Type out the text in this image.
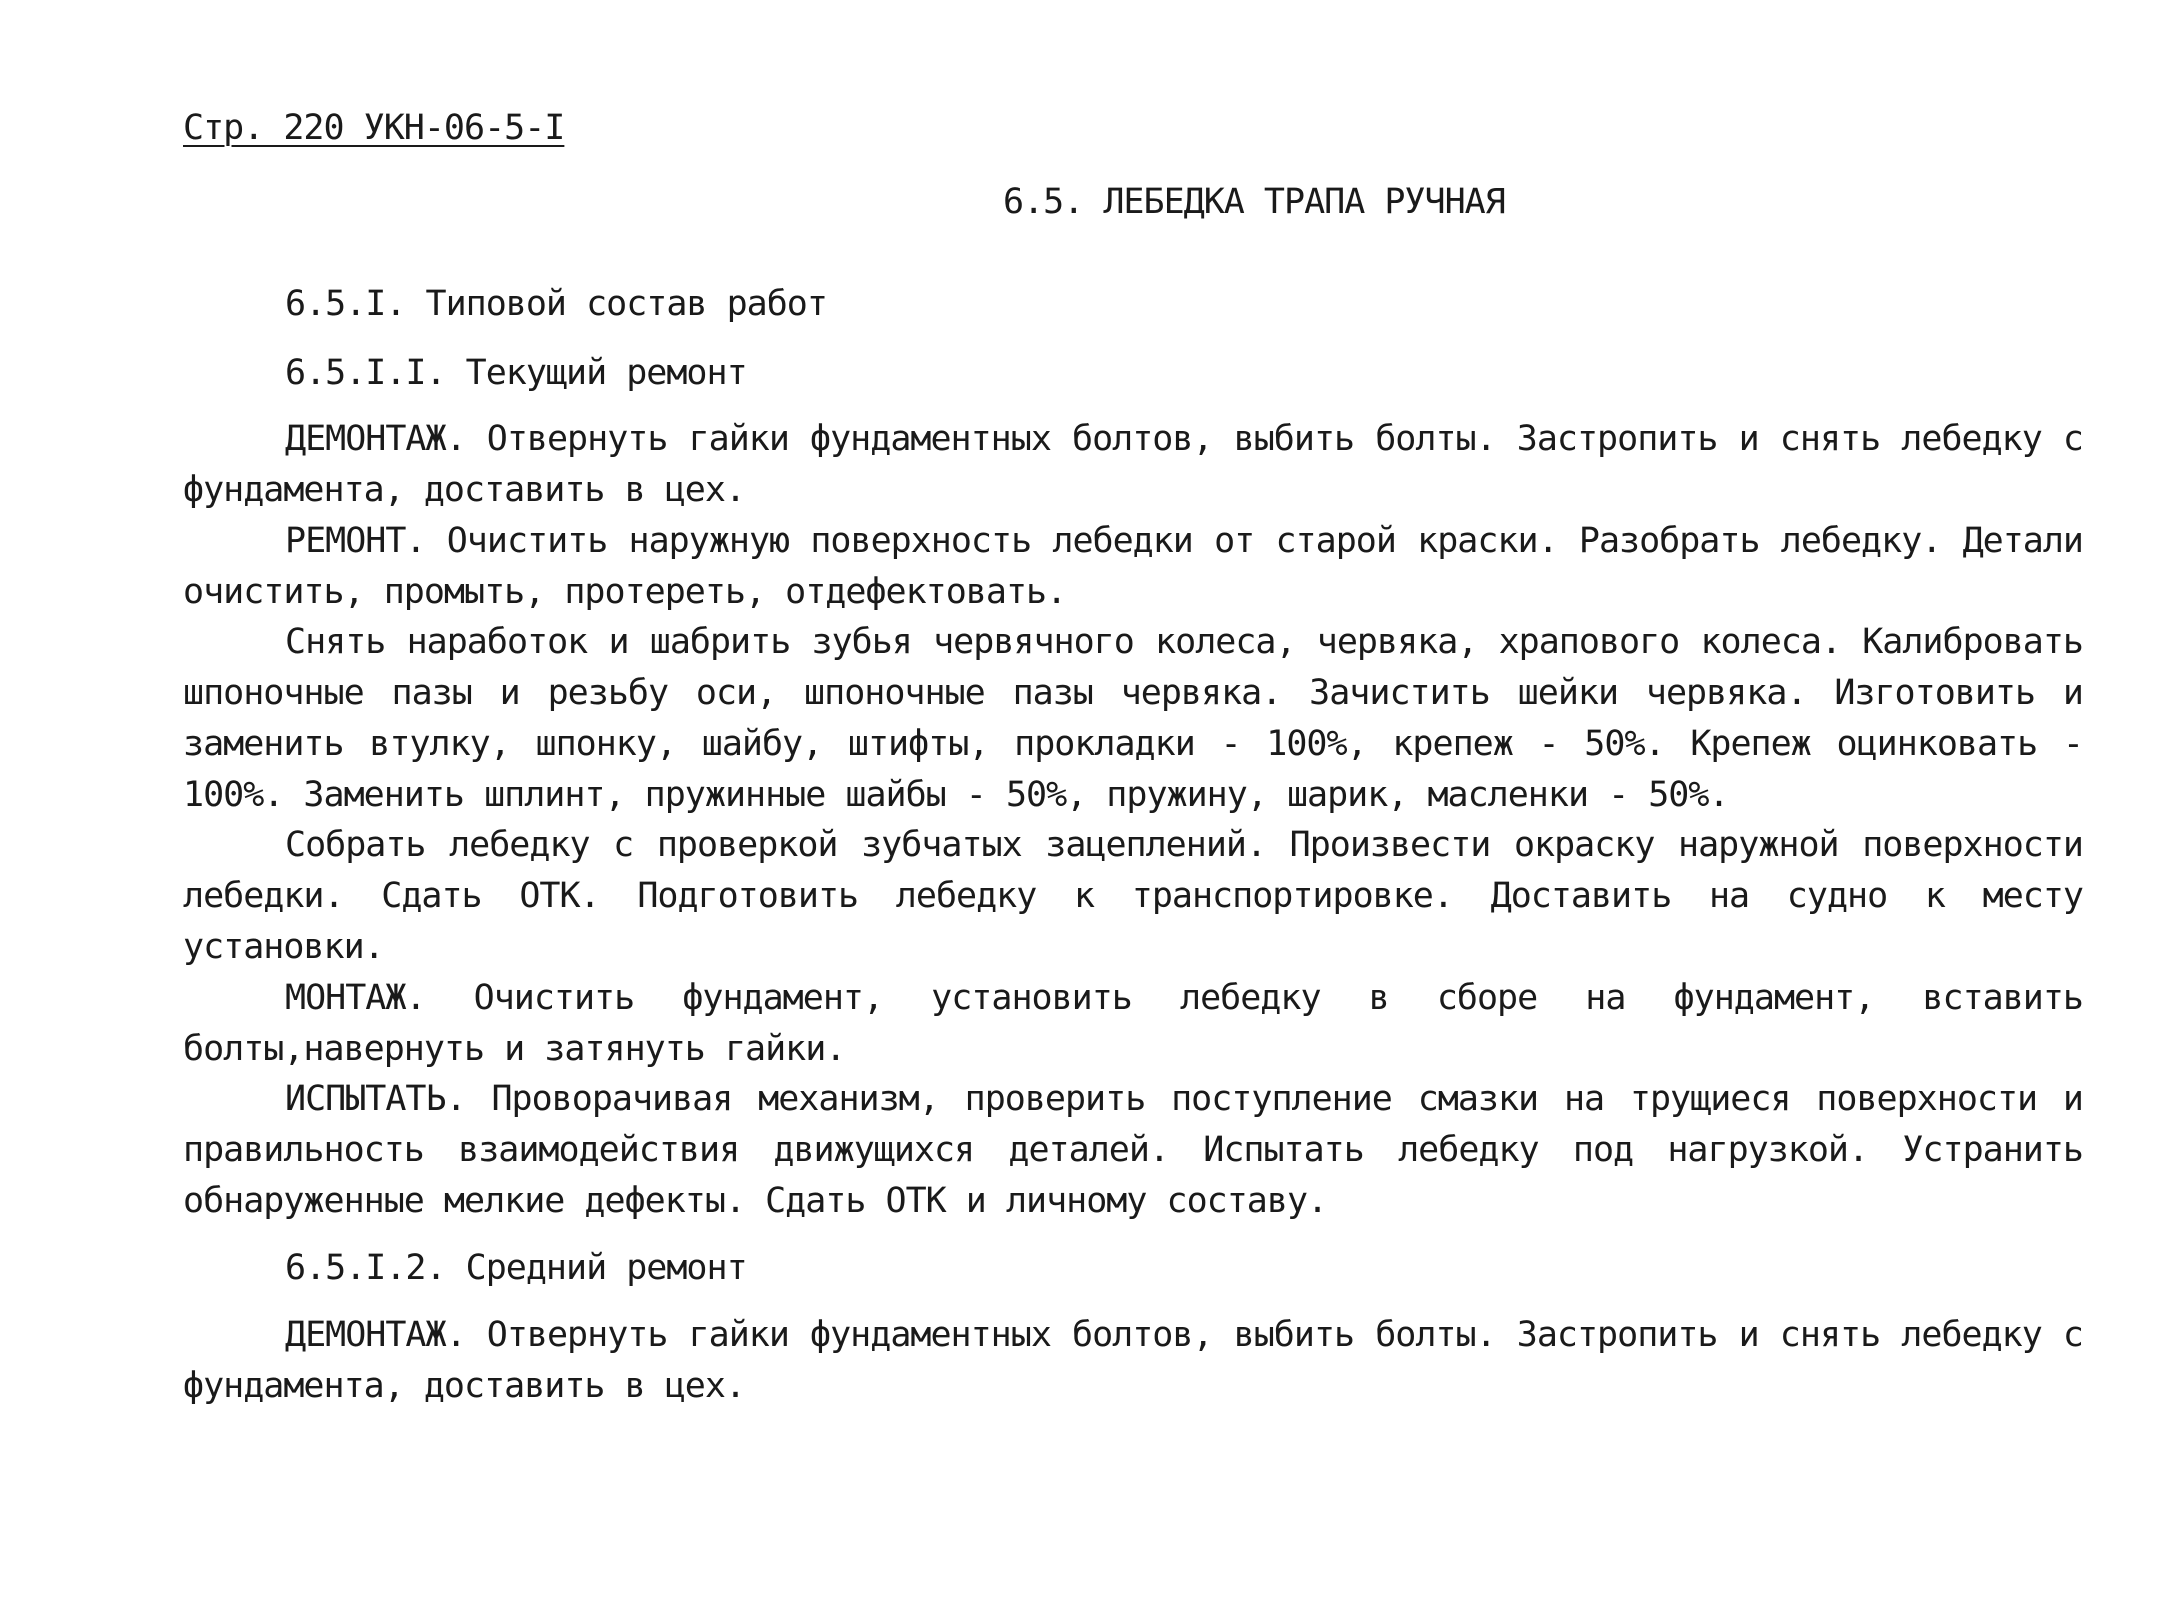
Стр. 220 УКН-06-5-I
6.5. ЛЕБЕДКА ТРАПА РУЧНАЯ
6.5.I. Типовой состав работ
6.5.I.I. Текущий ремонт

ДЕМОНТАЖ. Отвернуть гайки фундаментных болтов, выбить болты. Застропить и снять лебедку с фундамента, доставить в цех.

РЕМОНТ. Очистить наружную поверхность лебедки от старой краски. Разобрать лебедку. Детали очистить, промыть, протереть, отдефектовать.

Снять наработок и шабрить зубья червячного колеса, червяка, храпового колеса. Калибровать шпоночные пазы и резьбу оси, шпоночные пазы червяка. Зачистить шейки червяка. Изготовить и заменить втулку, шпонку, шайбу, штифты, прокладки - 100%, крепеж - 50%. Крепеж оцинковать - 100%. Заменить шплинт, пружинные шайбы - 50%, пружину, шарик, масленки - 50%.

Собрать лебедку с проверкой зубчатых зацеплений. Произвести окраску наружной поверхности лебедки. Сдать ОТК. Подготовить лебедку к транспортировке. Доставить на судно к месту установки.

МОНТАЖ. Очистить фундамент, установить лебедку в сборе на фундамент, вставить болты,навернуть и затянуть гайки.

ИСПЫТАТЬ. Проворачивая механизм, проверить поступление смазки на трущиеся поверхности и правильность взаимодействия движущихся деталей. Испытать лебедку под нагрузкой. Устранить обнаруженные мелкие дефекты. Сдать ОТК и личному составу.

6.5.I.2. Средний ремонт

ДЕМОНТАЖ. Отвернуть гайки фундаментных болтов, выбить болты. Застропить и снять лебедку с фундамента, доставить в цех.
